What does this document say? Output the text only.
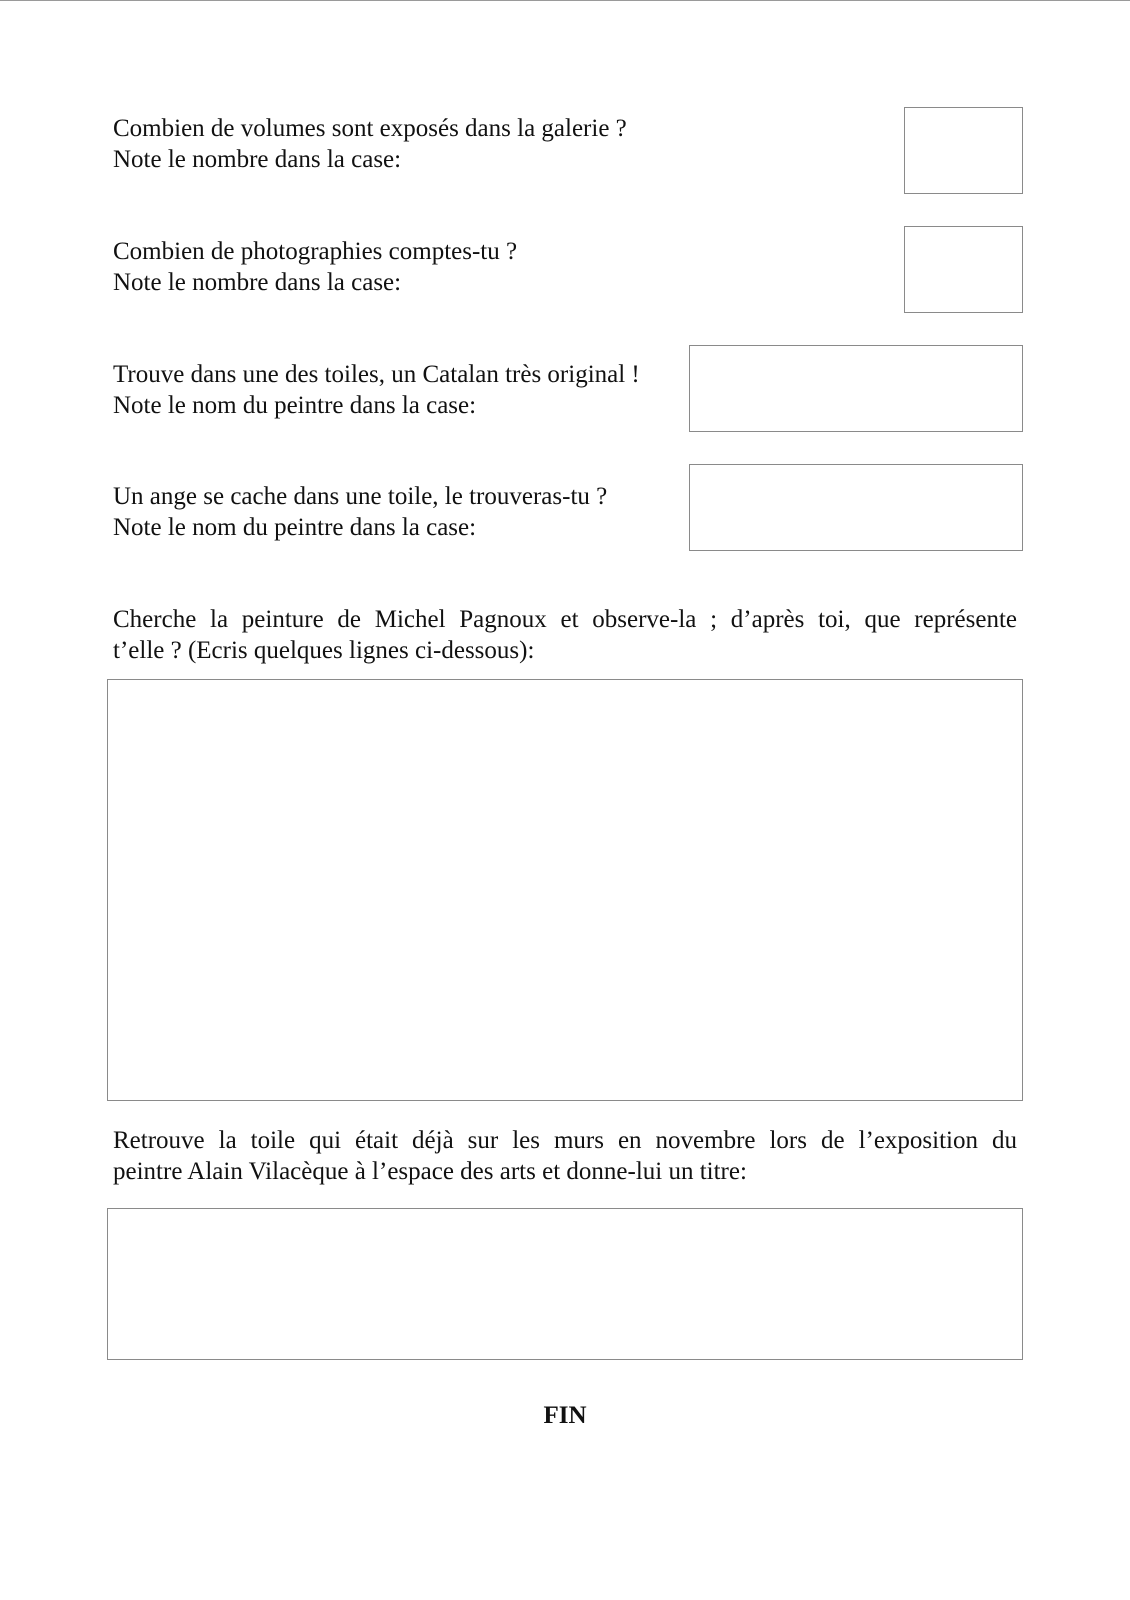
Combien de volumes sont exposés dans la galerie ?
Note le nombre dans la case:

Combien de photographies comptes-tu ?
Note le nombre dans la case:

Trouve dans une des toiles, un Catalan très original !
Note le nom du peintre dans la case:

Un ange se cache dans une toile, le trouveras-tu ?
Note le nom du peintre dans la case:

Cherche la peinture de Michel Pagnoux et observe-la ; d’après toi, que représente
t’elle ? (Ecris quelques lignes ci-dessous):

Retrouve la toile qui était déjà sur les murs en novembre lors de l’exposition du
peintre Alain Vilacèque à l’espace des arts et donne-lui un titre:

FIN
